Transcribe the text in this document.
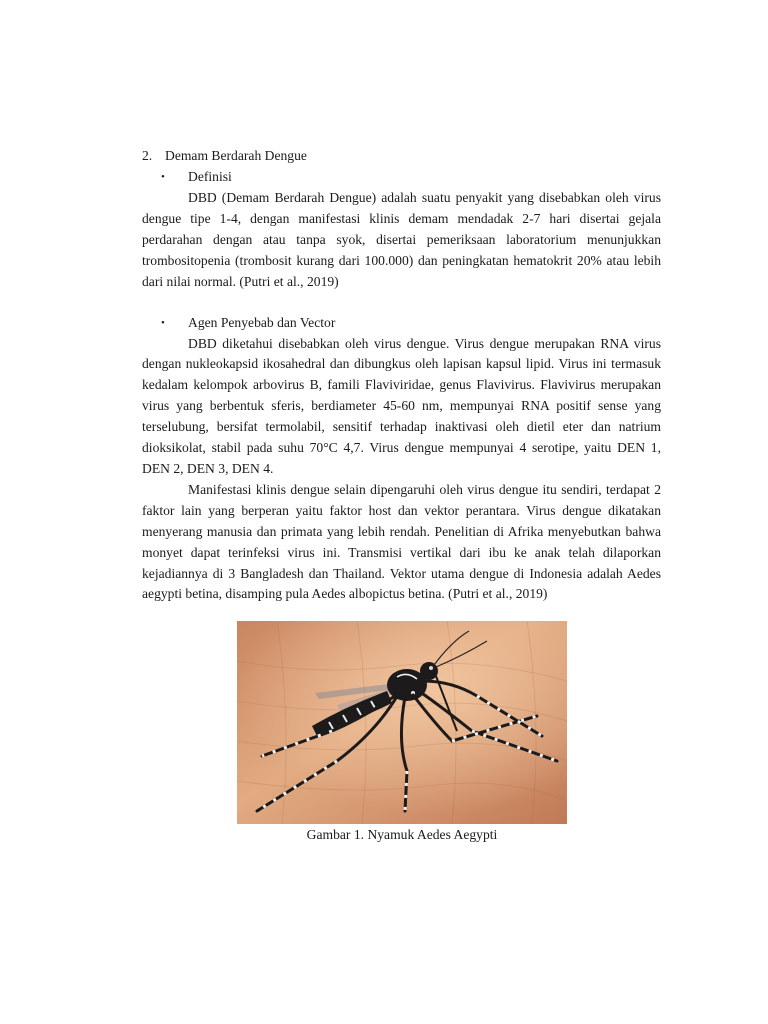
2. Demam Berdarah Dengue
•	Definisi

DBD (Demam Berdarah Dengue) adalah suatu penyakit yang disebabkan oleh virus dengue tipe 1-4, dengan manifestasi klinis demam mendadak 2-7 hari disertai gejala perdarahan dengan atau tanpa syok, disertai pemeriksaan laboratorium menunjukkan trombositopenia (trombosit kurang dari 100.000) dan peningkatan hematokrit 20% atau lebih dari nilai normal. (Putri et al., 2019)

•	Agen Penyebab dan Vector

DBD diketahui disebabkan oleh virus dengue. Virus dengue merupakan RNA virus dengan nukleokapsid ikosahedral dan dibungkus oleh lapisan kapsul lipid. Virus ini termasuk kedalam kelompok arbovirus B, famili Flaviviridae, genus Flavivirus. Flavivirus merupakan virus yang berbentuk sferis, berdiameter 45-60 nm, mempunyai RNA positif sense yang terselubung, bersifat termolabil, sensitif terhadap inaktivasi oleh dietil eter dan natrium dioksikolat, stabil pada suhu 70°C 4,7. Virus dengue mempunyai 4 serotipe, yaitu DEN 1, DEN 2, DEN 3, DEN 4.

Manifestasi klinis dengue selain dipengaruhi oleh virus dengue itu sendiri, terdapat 2 faktor lain yang berperan yaitu faktor host dan vektor perantara. Virus dengue dikatakan menyerang manusia dan primata yang lebih rendah. Penelitian di Afrika menyebutkan bahwa monyet dapat terinfeksi virus ini. Transmisi vertikal dari ibu ke anak telah dilaporkan kejadiannya di 3 Bangladesh dan Thailand. Vektor utama dengue di Indonesia adalah Aedes aegypti betina, disamping pula Aedes albopictus betina. (Putri et al., 2019)

Gambar 1. Nyamuk Aedes Aegypti
